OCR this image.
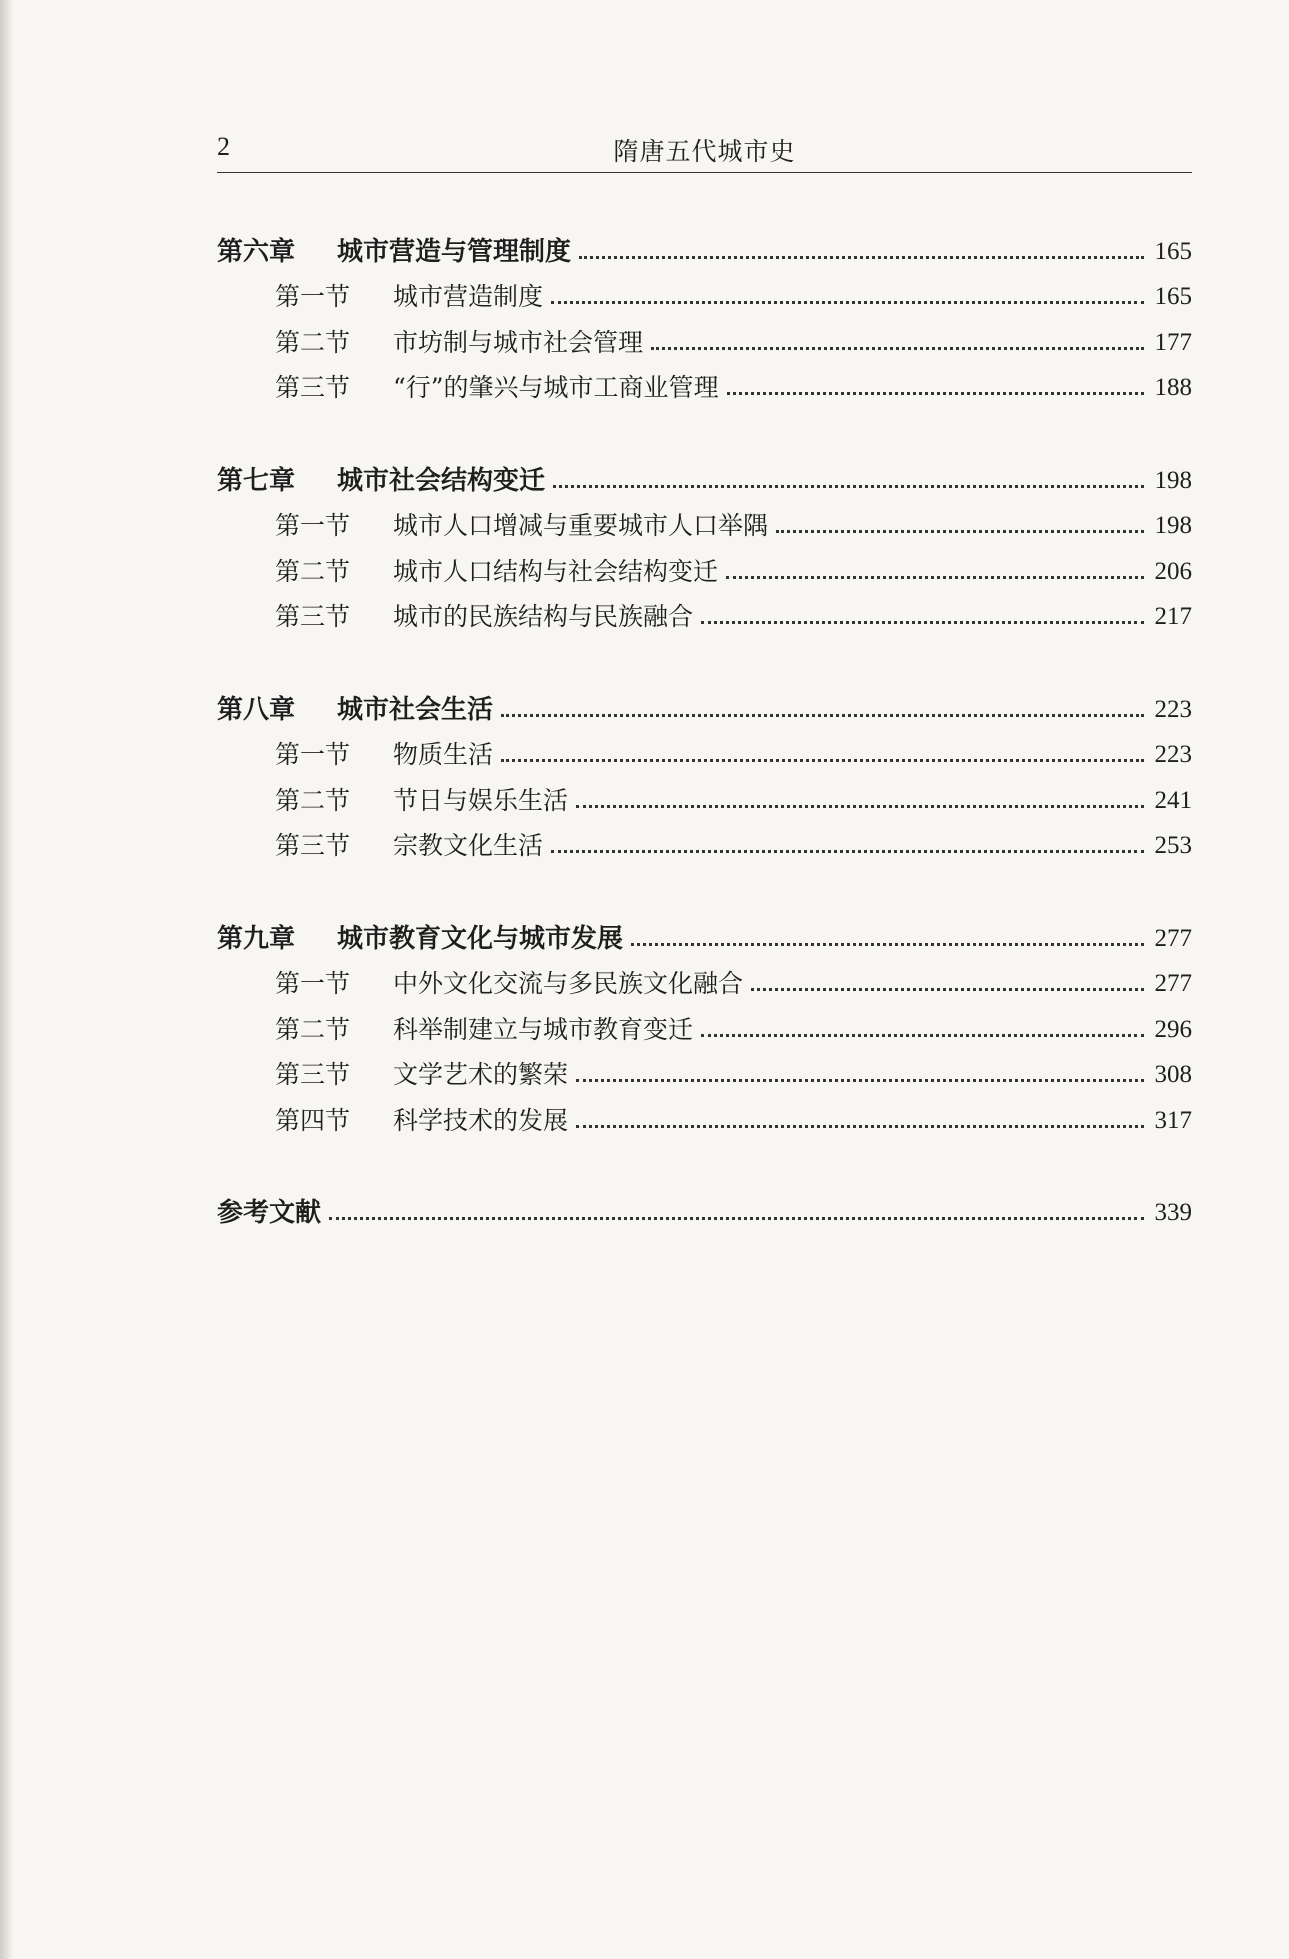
2	隋唐五代城市史
第六章	城市营造与管理制度	165
第一节	城市营造制度	165
第二节	市坊制与城市社会管理	177
第三节	“行”的肇兴与城市工商业管理	188
第七章	城市社会结构变迁	198
第一节	城市人口增减与重要城市人口举隅	198
第二节	城市人口结构与社会结构变迁	206
第三节	城市的民族结构与民族融合	217
第八章	城市社会生活	223
第一节	物质生活	223
第二节	节日与娱乐生活	241
第三节	宗教文化生活	253
第九章	城市教育文化与城市发展	277
第一节	中外文化交流与多民族文化融合	277
第二节	科举制建立与城市教育变迁	296
第三节	文学艺术的繁荣	308
第四节	科学技术的发展	317
参考文献	339
